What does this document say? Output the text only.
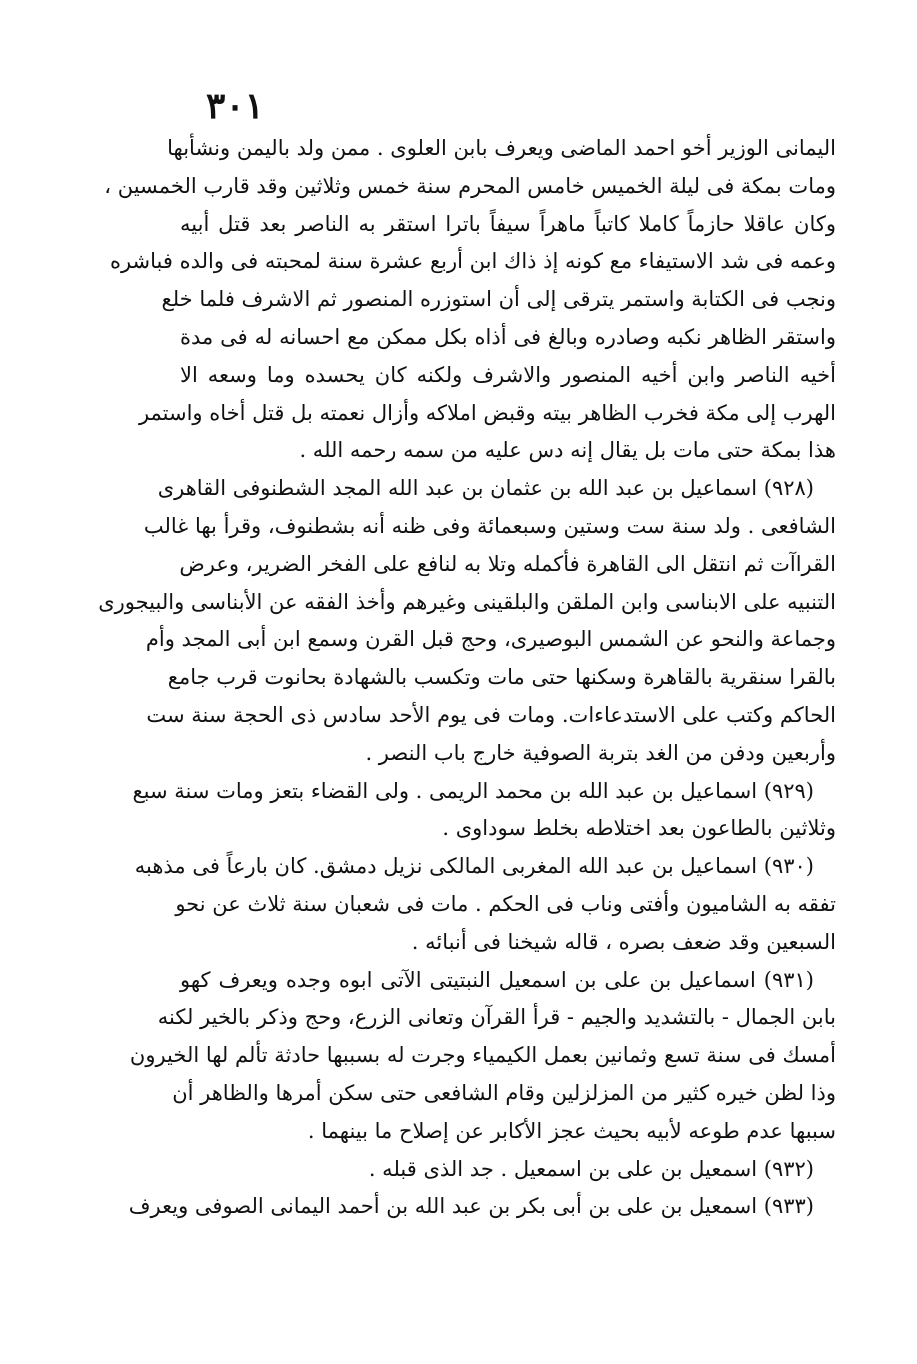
٣٠١
اليمانى الوزير أخو احمد الماضى ويعرف بابن العلوى . ممن ولد باليمن ونشأبها
ومات بمكة فى ليلة الخميس خامس المحرم سنة خمس وثلاثين وقد قارب الخمسين ،
وكان عاقلا حازماً كاملا كاتباً ماهراً سيفاً باترا استقر به الناصر بعد قتل أبيه
وعمه فى شد الاستيفاء مع كونه إذ ذاك ابن أربع عشرة سنة لمحبته فى والده فباشره
ونجب فى الكتابة واستمر يترقى إلى أن استوزره المنصور ثم الاشرف فلما خلع
واستقر الظاهر نكبه وصادره وبالغ فى أذاه بكل ممكن مع احسانه له فى مدة
أخيه الناصر وابن أخيه المنصور والاشرف ولكنه كان يحسده وما وسعه الا
الهرب إلى مكة فخرب الظاهر بيته وقبض املاكه وأزال نعمته بل قتل أخاه واستمر
هذا بمكة حتى مات بل يقال إنه دس عليه من سمه رحمه الله .
(٩٢٨) اسماعيل بن عبد الله بن عثمان بن عبد الله المجد الشطنوفى القاهرى
الشافعى . ولد سنة ست وستين وسبعمائة وفى ظنه أنه بشطنوف، وقرأ بها غالب
القراآت ثم انتقل الى القاهرة فأكمله وتلا به لنافع على الفخر الضرير، وعرض
التنبيه على الابناسى وابن الملقن والبلقينى وغيرهم وأخذ الفقه عن الأبناسى والبيجورى
وجماعة والنحو عن الشمس البوصيرى، وحج قبل القرن وسمع ابن أبى المجد وأم
بالقرا سنقرية بالقاهرة وسكنها حتى مات وتكسب بالشهادة بحانوت قرب جامع
الحاكم وكتب على الاستدعاءات. ومات فى يوم الأحد سادس ذى الحجة سنة ست
وأربعين ودفن من الغد بتربة الصوفية خارج باب النصر .
(٩٢٩) اسماعيل بن عبد الله بن محمد الريمى . ولى القضاء بتعز ومات سنة سبع
وثلاثين بالطاعون بعد اختلاطه بخلط سوداوى .
(٩٣٠) اسماعيل بن عبد الله المغربى المالكى نزيل دمشق. كان بارعاً فى مذهبه
تفقه به الشاميون وأفتى وناب فى الحكم . مات فى شعبان سنة ثلاث عن نحو
السبعين وقد ضعف بصره ، قاله شيخنا فى أنبائه .
(٩٣١) اسماعيل بن على بن اسمعيل النبتيتى الآتى ابوه وجده ويعرف كهو
بابن الجمال - بالتشديد والجيم - قرأ القرآن وتعانى الزرع، وحج وذكر بالخير لكنه
أمسك فى سنة تسع وثمانين بعمل الكيمياء وجرت له بسببها حادثة تألم لها الخيرون
وذا لظن خيره كثير من المزلزلين وقام الشافعى حتى سكن أمرها والظاهر أن
سببها عدم طوعه لأبيه بحيث عجز الأكابر عن إصلاح ما بينهما .
(٩٣٢) اسمعيل بن على بن اسمعيل . جد الذى قبله .
(٩٣٣) اسمعيل بن على بن أبى بكر بن عبد الله بن أحمد اليمانى الصوفى ويعرف
